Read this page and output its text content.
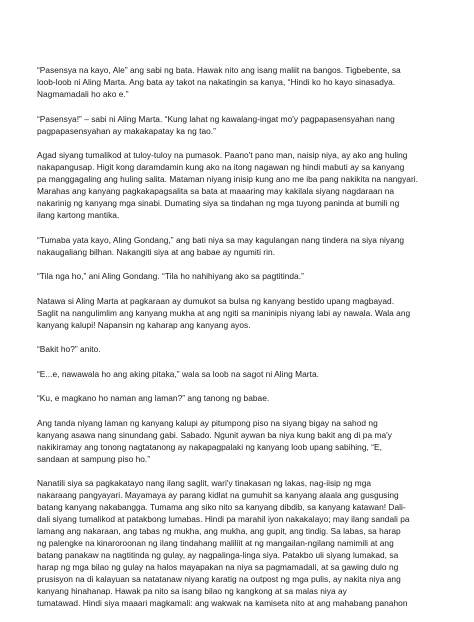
“Pasensya na kayo, Ale” ang sabi ng bata. Hawak nito ang isang maliit na bangos. Tigbebente, sa
loob-loob ni Aling Marta. Ang bata ay takot na nakatingin sa kanya, “Hindi ko ho kayo sinasadya.
Nagmamadali ho ako e.”

“Pasensya!” – sabi ni Aling Marta. “Kung lahat ng kawalang-ingat mo'y pagpapasensyahan nang
pagpapasensyahan ay makakapatay ka ng tao.”

Agad siyang tumalikod at tuloy-tuloy na pumasok. Paano't pano man, naisip niya, ay ako ang huling
nakapangusap. Higit kong daramdamin kung ako na itong nagawan ng hindi mabuti ay sa kanyang
pa manggagaling ang huling salita. Mataman niyang inisip kung ano me iba pang nakikita na nangyari.
Marahas ang kanyang pagkakapagsalita sa bata at maaaring may kakilala siyang nagdaraan na
nakarinig ng kanyang mga sinabi. Dumating siya sa tindahan ng mga tuyong paninda at bumili ng
ilang kartong mantika.

“Tumaba yata kayo, Aling Gondang,” ang bati niya sa may kagulangan nang tindera na siya niyang
nakaugaliang bilhan. Nakangiti siya at ang babae ay ngumiti rin.

“Tila nga ho,” ani Aling Gondang. “Tila ho nahihiyang ako sa pagtitinda.”

Natawa si Aling Marta at pagkaraan ay dumukot sa bulsa ng kanyang bestido upang magbayad.
Saglit na nangulimlim ang kanyang mukha at ang ngiti sa maninipis niyang labi ay nawala. Wala ang
kanyang kalupi! Napansin ng kaharap ang kanyang ayos.

“Bakit ho?” anito.

“E...e, nawawala ho ang aking pitaka,” wala sa loob na sagot ni Aling Marta.

“Ku, e magkano ho naman ang laman?” ang tanong ng babae.

Ang tanda niyang laman ng kanyang kalupi ay pitumpong piso na siyang bigay na sahod ng
kanyang asawa nang sinundang gabi. Sabado. Ngunit aywan ba niya kung bakit ang di pa ma'y
nakikiramay ang tonong nagtatanong ay nakapagpalaki ng kanyang loob upang sabihing, “E,
sandaan at sampung piso ho.”

Nanatili siya sa pagkakatayo nang ilang saglit, wari'y tinakasan ng lakas, nag-iisip ng mga
nakaraang pangyayari. Mayamaya ay parang kidlat na gumuhit sa kanyang alaala ang gusgusing
batang kanyang nakabangga. Tumama ang siko nito sa kanyang dibdib, sa kanyang katawan! Dali-
dali siyang tumalikod at patakbong lumabas. Hindi pa marahil iyon nakakalayo; may ilang sandali pa
lamang ang nakaraan, ang tabas ng mukha, ang mukha, ang gupit, ang tindig. Sa labas, sa harap
ng palengke na kinaroroonan ng ilang tindahang maliliit at ng mangailan-ngilang namimili at ang
batang panakaw na nagtitinda ng gulay, ay nagpalinga-linga siya. Patakbo uli siyang lumakad, sa
harap ng mga bilao ng gulay na halos mayapakan na niya sa pagmamadali, at sa gawing dulo ng
prusisyon na di kalayuan sa natatanaw niyang karatig na outpost ng mga pulis, ay nakita niya ang
kanyang hinahanap. Hawak pa nito sa isang bilao ng kangkong at sa malas niya ay
tumatawad. Hindi siya maaari magkamali: ang wakwak na kamiseta nito at ang mahabang panahon
